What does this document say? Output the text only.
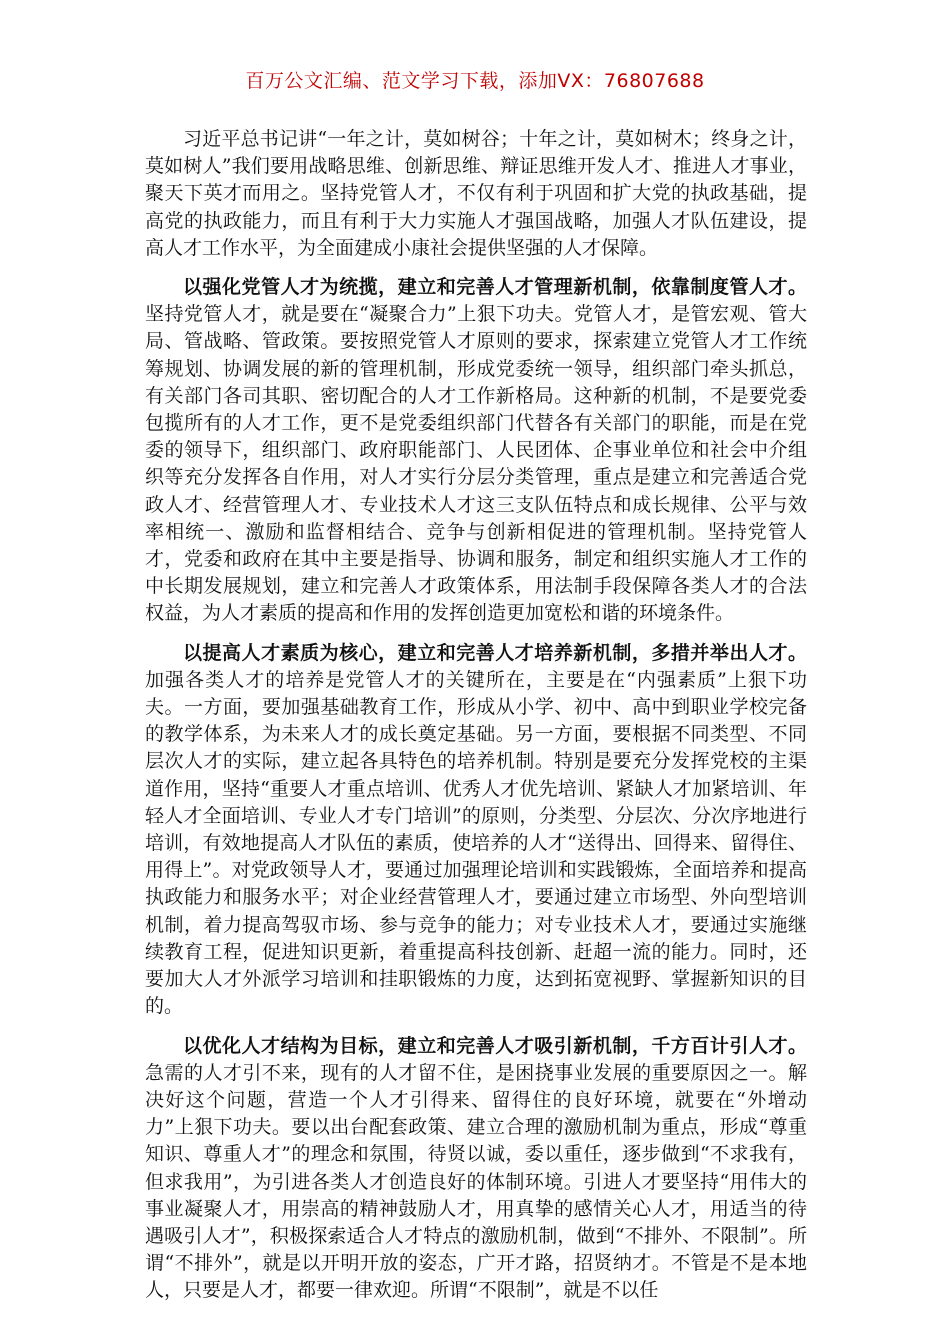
百万公文汇编、范文学习下载，添加VX：76807688

习近平总书记讲“一年之计，莫如树谷；十年之计，莫如树木；终身之计，莫如树人”我们要用战略思维、创新思维、辩证思维开发人才、推进人才事业，聚天下英才而用之。坚持党管人才，不仅有利于巩固和扩大党的执政基础，提高党的执政能力，而且有利于大力实施人才强国战略，加强人才队伍建设，提高人才工作水平，为全面建成小康社会提供坚强的人才保障。

以强化党管人才为统揽，建立和完善人才管理新机制，依靠制度管人才。坚持党管人才，就是要在“凝聚合力”上狠下功夫。党管人才，是管宏观、管大局、管战略、管政策。要按照党管人才原则的要求，探索建立党管人才工作统筹规划、协调发展的新的管理机制，形成党委统一领导，组织部门牵头抓总，有关部门各司其职、密切配合的人才工作新格局。这种新的机制，不是要党委包揽所有的人才工作，更不是党委组织部门代替各有关部门的职能，而是在党委的领导下，组织部门、政府职能部门、人民团体、企事业单位和社会中介组织等充分发挥各自作用，对人才实行分层分类管理，重点是建立和完善适合党政人才、经营管理人才、专业技术人才这三支队伍特点和成长规律、公平与效率相统一、激励和监督相结合、竞争与创新相促进的管理机制。坚持党管人才，党委和政府在其中主要是指导、协调和服务，制定和组织实施人才工作的中长期发展规划，建立和完善人才政策体系，用法制手段保障各类人才的合法权益，为人才素质的提高和作用的发挥创造更加宽松和谐的环境条件。

以提高人才素质为核心，建立和完善人才培养新机制，多措并举出人才。加强各类人才的培养是党管人才的关键所在，主要是在“内强素质”上狠下功夫。一方面，要加强基础教育工作，形成从小学、初中、高中到职业学校完备的教学体系，为未来人才的成长奠定基础。另一方面，要根据不同类型、不同层次人才的实际，建立起各具特色的培养机制。特别是要充分发挥党校的主渠道作用，坚持“重要人才重点培训、优秀人才优先培训、紧缺人才加紧培训、年轻人才全面培训、专业人才专门培训”的原则，分类型、分层次、分次序地进行培训，有效地提高人才队伍的素质，使培养的人才“送得出、回得来、留得住、用得上”。对党政领导人才，要通过加强理论培训和实践锻炼，全面培养和提高执政能力和服务水平；对企业经营管理人才，要通过建立市场型、外向型培训机制，着力提高驾驭市场、参与竞争的能力；对专业技术人才，要通过实施继续教育工程，促进知识更新，着重提高科技创新、赶超一流的能力。同时，还要加大人才外派学习培训和挂职锻炼的力度，达到拓宽视野、掌握新知识的目的。

以优化人才结构为目标，建立和完善人才吸引新机制，千方百计引人才。急需的人才引不来，现有的人才留不住，是困挠事业发展的重要原因之一。解决好这个问题，营造一个人才引得来、留得住的良好环境，就要在“外增动力”上狠下功夫。要以出台配套政策、建立合理的激励机制为重点，形成“尊重知识、尊重人才”的理念和氛围，待贤以诚，委以重任，逐步做到“不求我有，但求我用”，为引进各类人才创造良好的体制环境。引进人才要坚持“用伟大的事业凝聚人才，用崇高的精神鼓励人才，用真挚的感情关心人才，用适当的待遇吸引人才”，积极探索适合人才特点的激励机制，做到“不排外、不限制”。所谓“不排外”，就是以开明开放的姿态，广开才路，招贤纳才。不管是不是本地人，只要是人才，都要一律欢迎。所谓“不限制”，就是不以任
